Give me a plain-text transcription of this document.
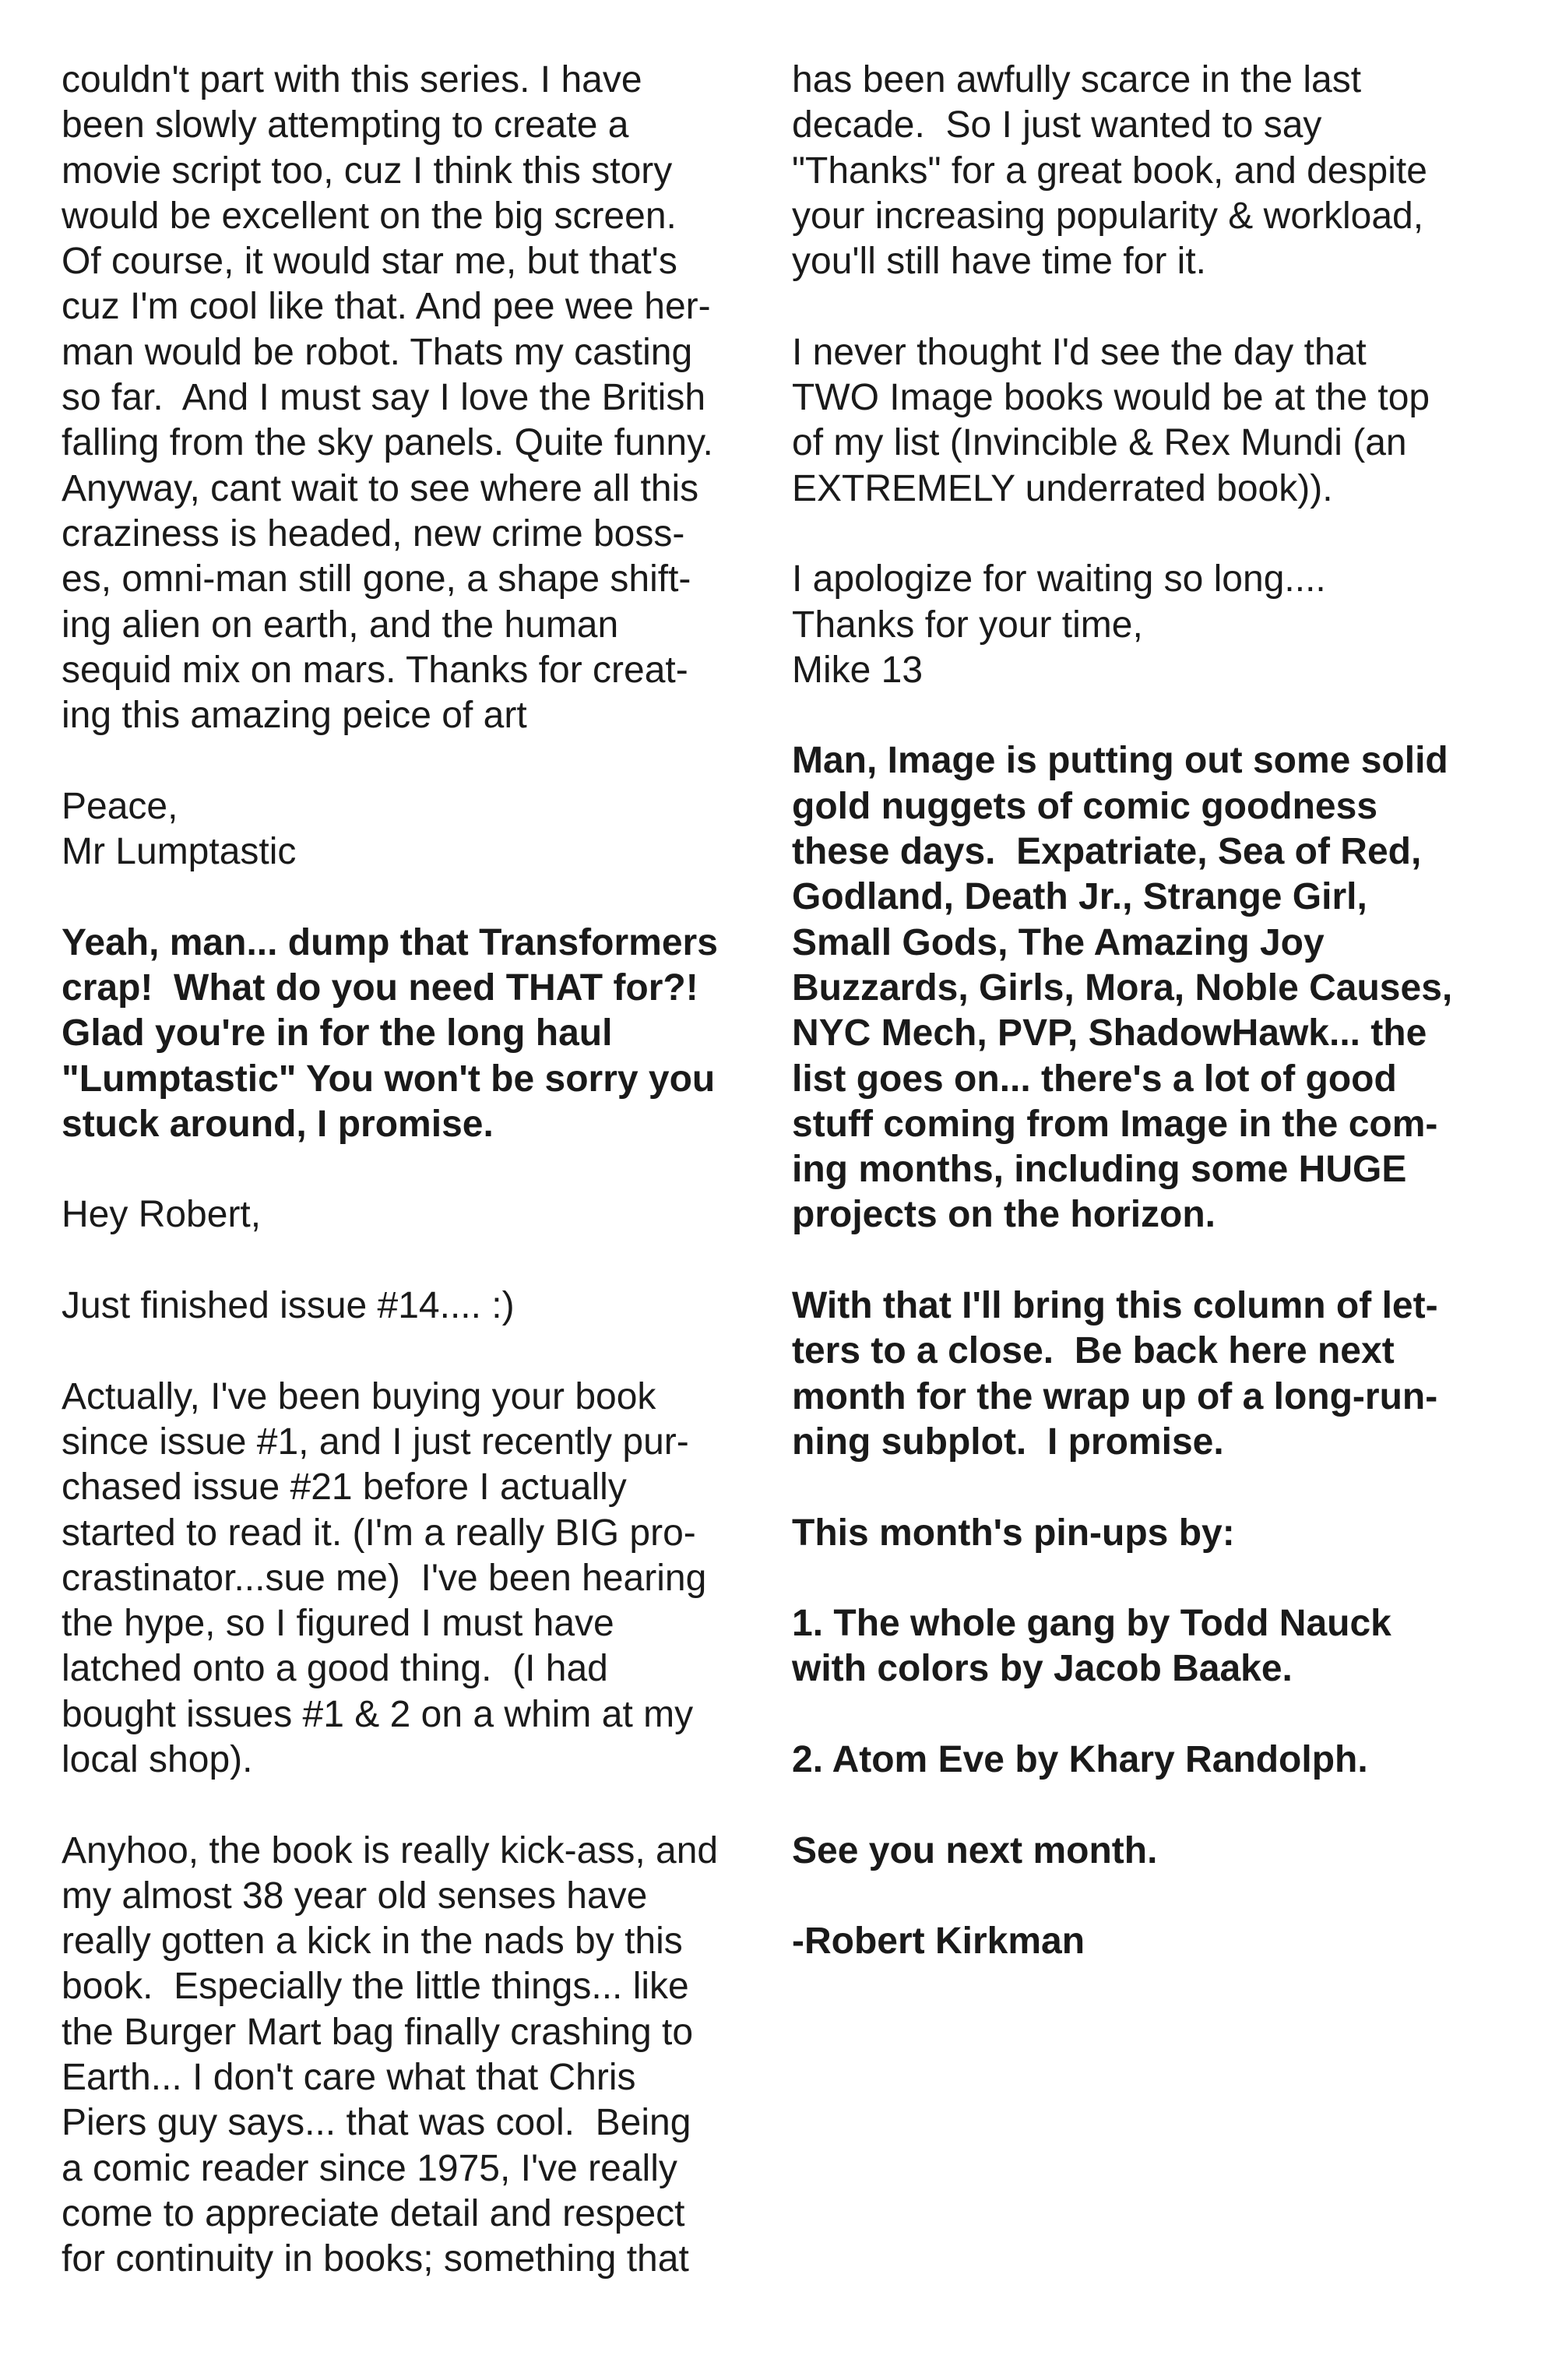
couldn't part with this series. I have
been slowly attempting to create a
movie script too, cuz I think this story
would be excellent on the big screen.
Of course, it would star me, but that's
cuz I'm cool like that. And pee wee her-
man would be robot. Thats my casting
so far.  And I must say I love the British
falling from the sky panels. Quite funny.
Anyway, cant wait to see where all this
craziness is headed, new crime boss-
es, omni-man still gone, a shape shift-
ing alien on earth, and the human
sequid mix on mars. Thanks for creat-
ing this amazing peice of art
Peace,
Mr Lumptastic
Yeah, man... dump that Transformers
crap!  What do you need THAT for?!
Glad you're in for the long haul
"Lumptastic" You won't be sorry you
stuck around, I promise.
Hey Robert,
Just finished issue #14.... :)
Actually, I've been buying your book
since issue #1, and I just recently pur-
chased issue #21 before I actually
started to read it. (I'm a really BIG pro-
crastinator...sue me)  I've been hearing
the hype, so I figured I must have
latched onto a good thing.  (I had
bought issues #1 & 2 on a whim at my
local shop).
Anyhoo, the book is really kick-ass, and
my almost 38 year old senses have
really gotten a kick in the nads by this
book.  Especially the little things... like
the Burger Mart bag finally crashing to
Earth... I don't care what that Chris
Piers guy says... that was cool.  Being
a comic reader since 1975, I've really
come to appreciate detail and respect
for continuity in books; something that
has been awfully scarce in the last
decade.  So I just wanted to say
"Thanks" for a great book, and despite
your increasing popularity & workload,
you'll still have time for it.
I never thought I'd see the day that
TWO Image books would be at the top
of my list (Invincible & Rex Mundi (an
EXTREMELY underrated book)).
I apologize for waiting so long....
Thanks for your time,
Mike 13
Man, Image is putting out some solid
gold nuggets of comic goodness
these days.  Expatriate, Sea of Red,
Godland, Death Jr., Strange Girl,
Small Gods, The Amazing Joy
Buzzards, Girls, Mora, Noble Causes,
NYC Mech, PVP, ShadowHawk... the
list goes on... there's a lot of good
stuff coming from Image in the com-
ing months, including some HUGE
projects on the horizon.
With that I'll bring this column of let-
ters to a close.  Be back here next
month for the wrap up of a long-run-
ning subplot.  I promise.
This month's pin-ups by:
1. The whole gang by Todd Nauck
with colors by Jacob Baake.
2. Atom Eve by Khary Randolph.
See you next month.
-Robert Kirkman
